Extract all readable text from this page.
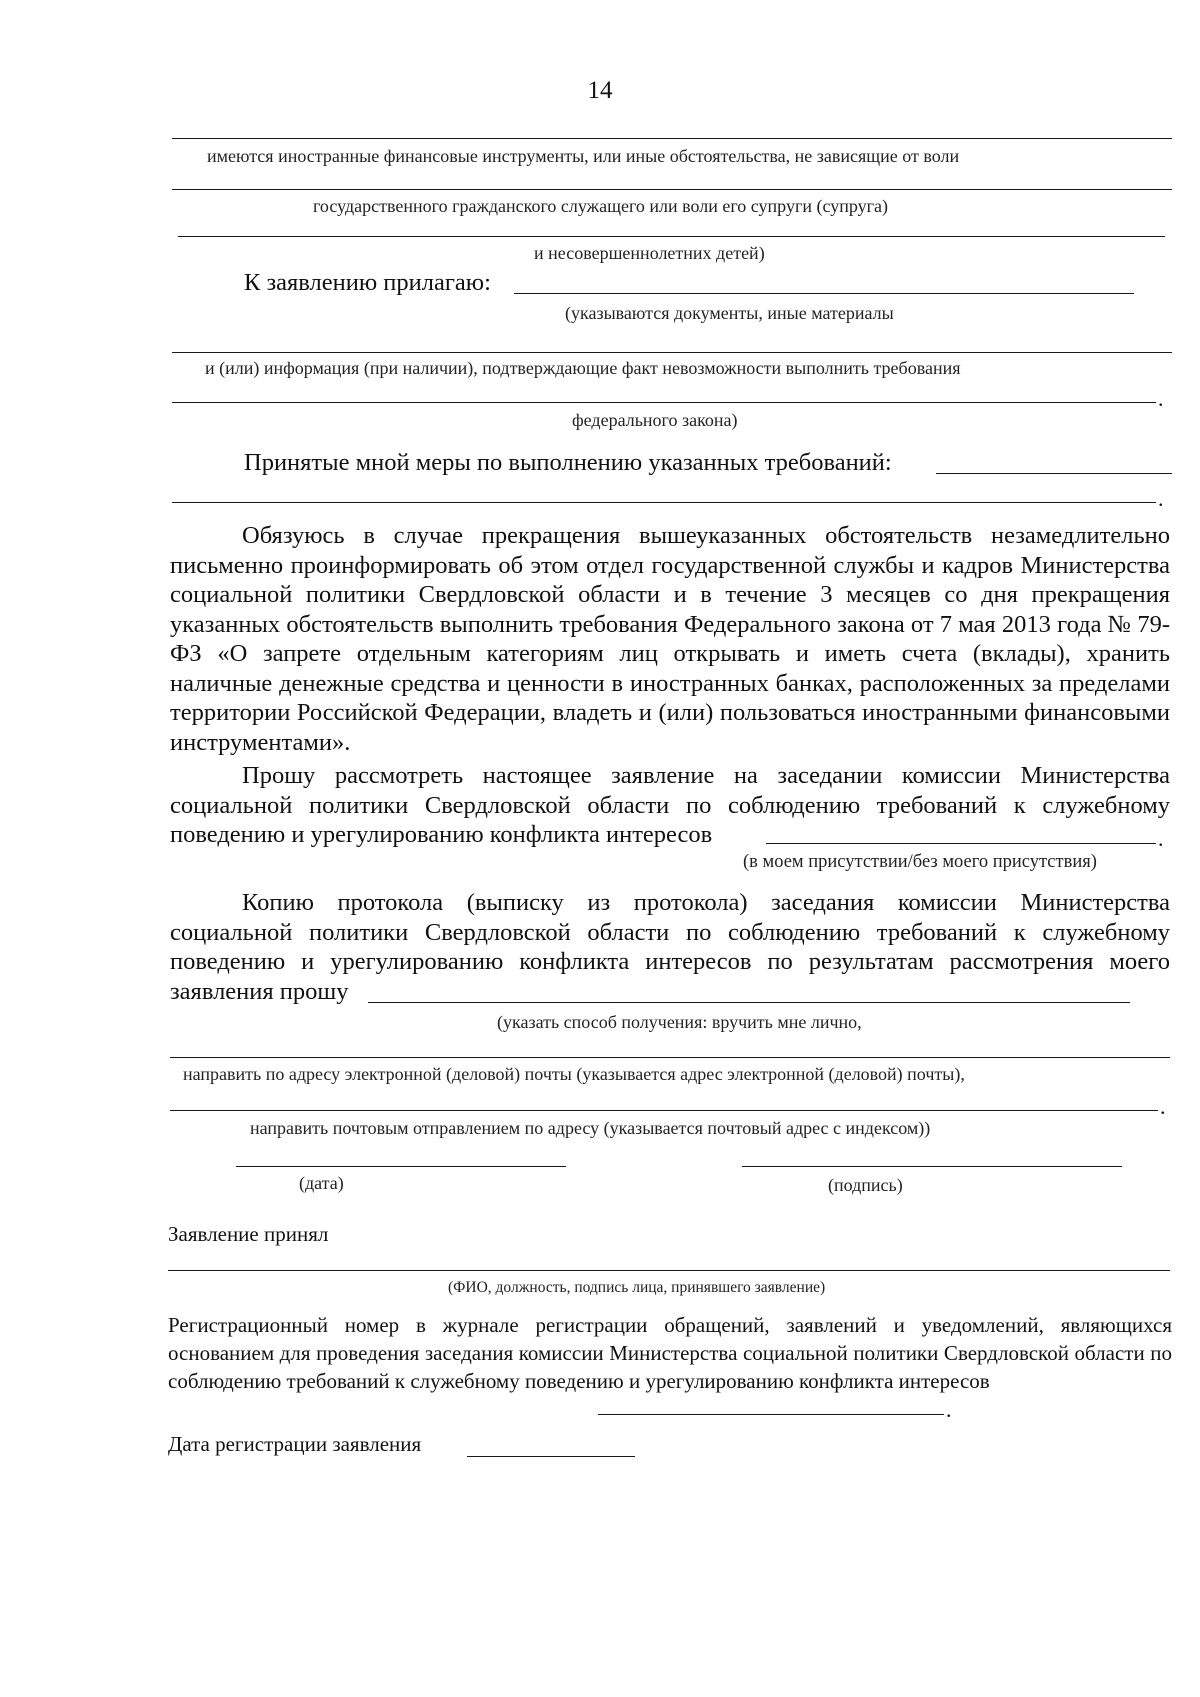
14
имеются иностранные финансовые инструменты, или иные обстоятельства, не зависящие от воли
государственного гражданского служащего или воли его супруги (супруга)
и несовершеннолетних детей)
К заявлению прилагаю:
(указываются документы, иные материалы
и (или) информация (при наличии), подтверждающие факт невозможности выполнить требования
.
федерального закона)
Принятые мной меры по выполнению указанных требований:
.
Обязуюсь в случае прекращения вышеуказанных обстоятельств незамедлительно письменно проинформировать об этом отдел государственной службы и кадров Министерства социальной политики Свердловской области и в течение 3 месяцев со дня прекращения указанных обстоятельств выполнить требования Федерального закона от 7 мая 2013 года № 79-ФЗ «О запрете отдельным категориям лиц открывать и иметь счета (вклады), хранить наличные денежные средства и ценности в иностранных банках, расположенных за пределами территории Российской Федерации, владеть и (или) пользоваться иностранными финансовыми инструментами».
Прошу рассмотреть настоящее заявление на заседании комиссии Министерства социальной политики Свердловской области по соблюдению требований к служебному поведению и урегулированию конфликта интересов	.
(в моем присутствии/без моего присутствия)
Копию протокола (выписку из протокола) заседания комиссии Министерства социальной политики Свердловской области по соблюдению требований к служебному поведению и урегулированию конфликта интересов по результатам рассмотрения моего заявления прошу
(указать способ получения: вручить мне лично,
направить по адресу электронной (деловой) почты (указывается адрес электронной (деловой) почты),
.
направить почтовым отправлением по адресу (указывается почтовый адрес с индексом))
(дата)	(подпись)
Заявление принял
(ФИО, должность, подпись лица, принявшего заявление)
Регистрационный номер в журнале регистрации обращений, заявлений и уведомлений, являющихся основанием для проведения заседания комиссии Министерства социальной политики Свердловской области по соблюдению требований к служебному поведению и урегулированию конфликта интересов
.
Дата регистрации заявления
